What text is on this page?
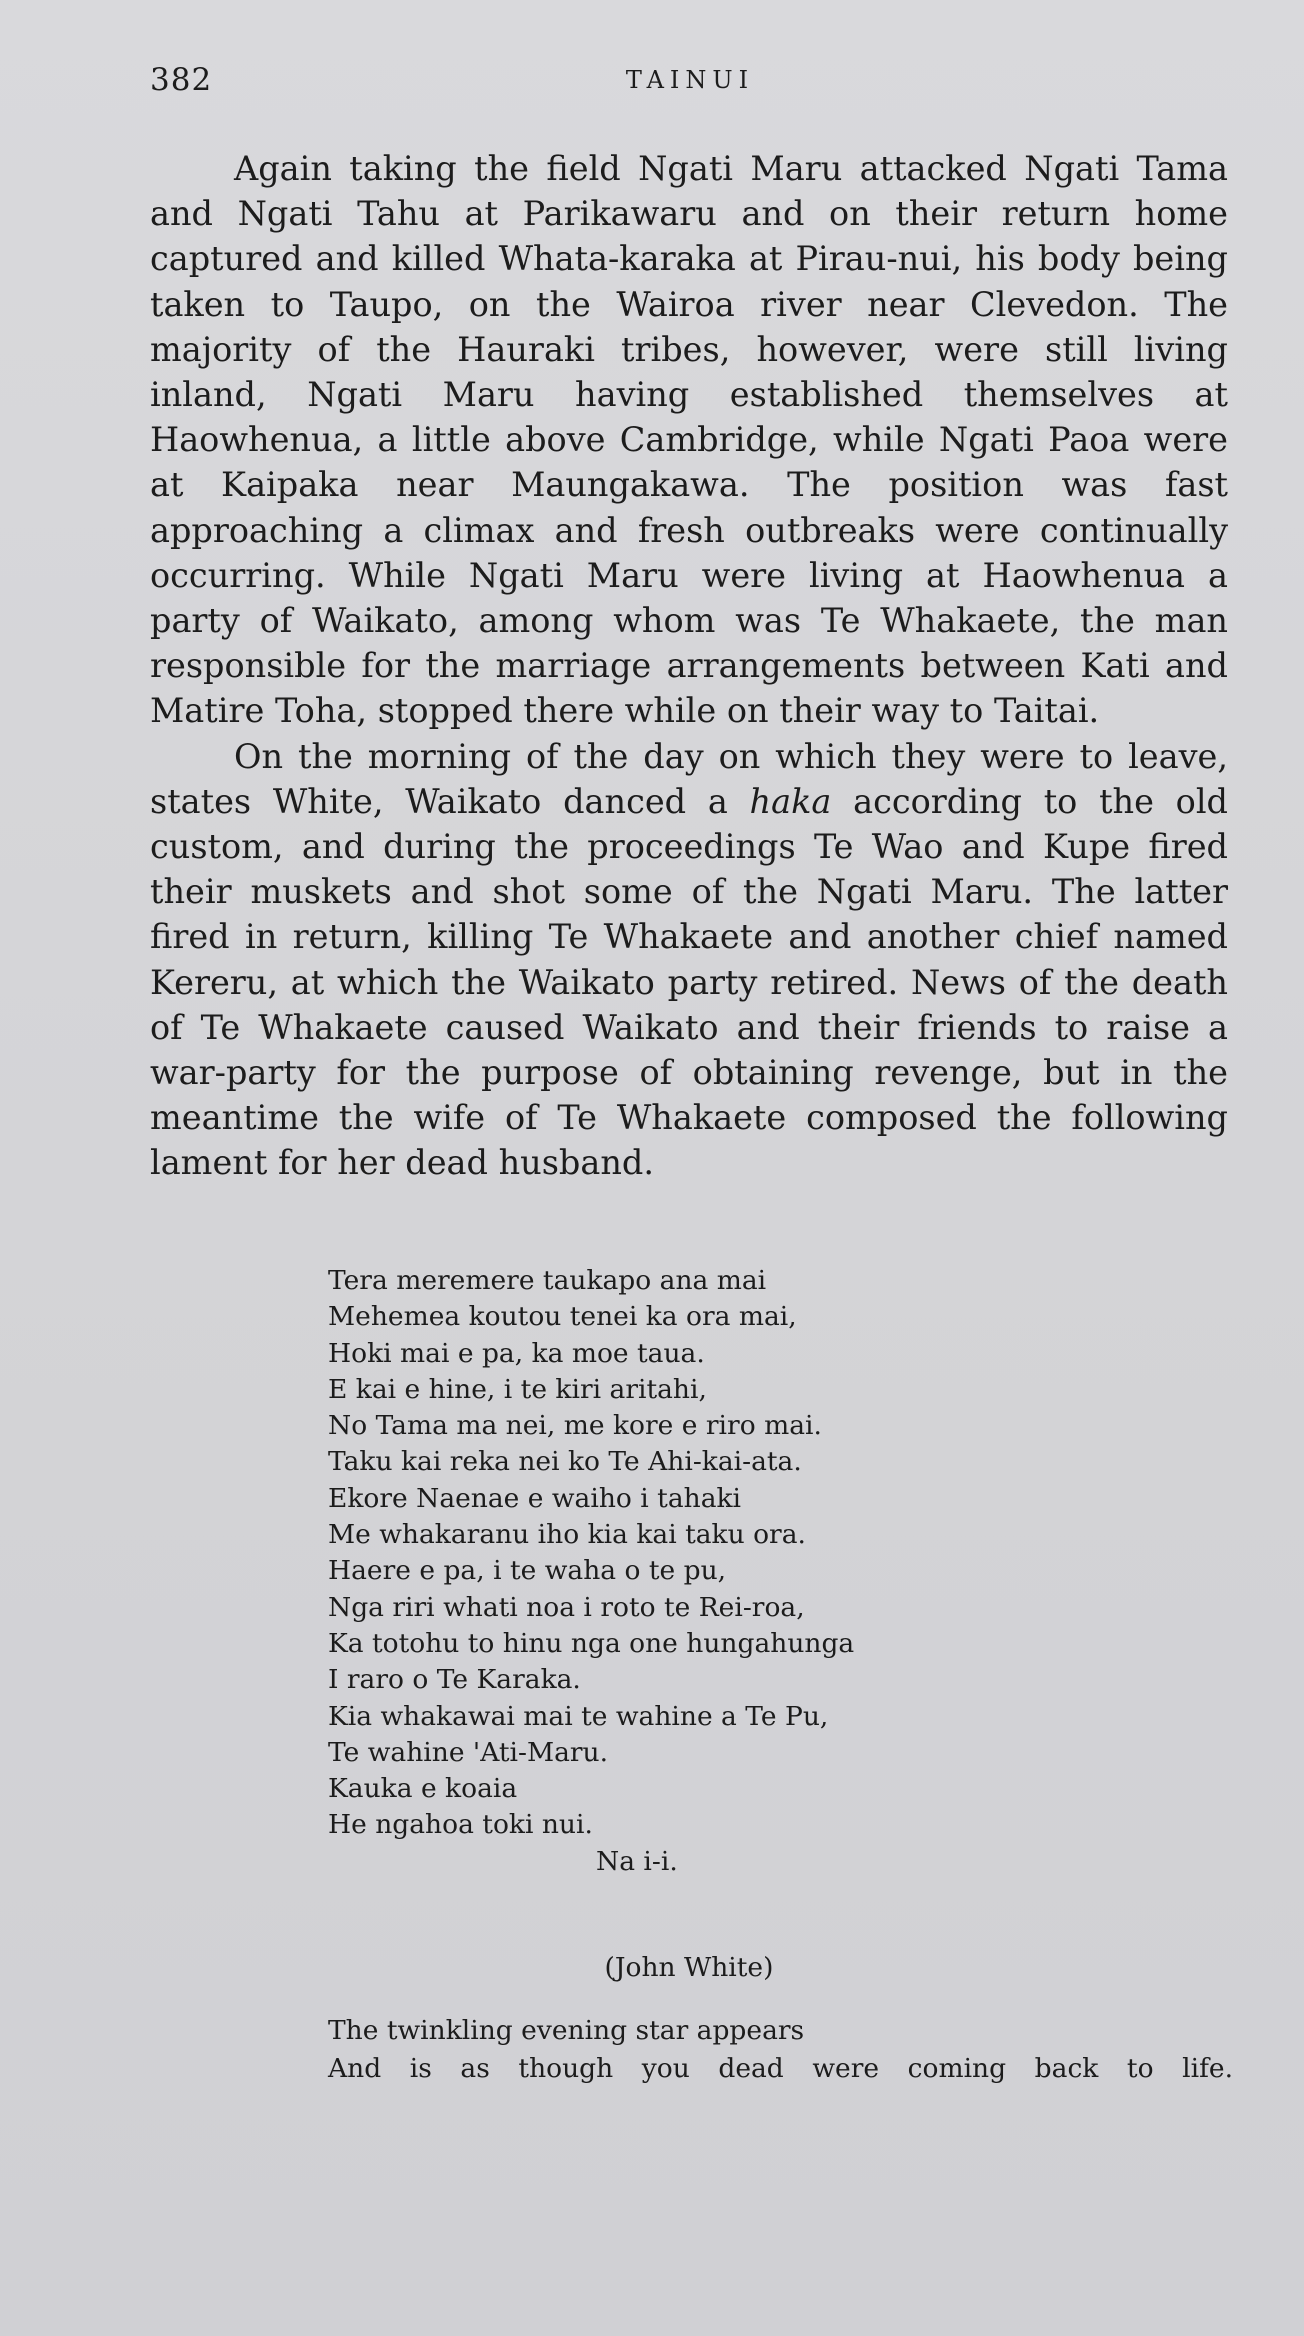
382	TAINUI

Again taking the field Ngati Maru attacked Ngati Tama and Ngati Tahu at Parikawaru and on their return home captured and killed Whata-karaka at Pirau-nui, his body being taken to Taupo, on the Wairoa river near Clevedon. The majority of the Hauraki tribes, however, were still living inland, Ngati Maru having established themselves at Haowhenua, a little above Cambridge, while Ngati Paoa were at Kaipaka near Maungakawa. The position was fast approaching a climax and fresh outbreaks were continually occurring. While Ngati Maru were living at Haowhenua a party of Waikato, among whom was Te Whakaete, the man responsible for the marriage arrangements between Kati and Matire Toha, stopped there while on their way to Taitai.

On the morning of the day on which they were to leave, states White, Waikato danced a haka according to the old custom, and during the proceedings Te Wao and Kupe fired their muskets and shot some of the Ngati Maru. The latter fired in return, killing Te Whakaete and another chief named Kereru, at which the Waikato party retired. News of the death of Te Whakaete caused Waikato and their friends to raise a war-party for the purpose of obtaining revenge, but in the meantime the wife of Te Whakaete composed the following lament for her dead husband.

Tera meremere taukapo ana mai
Mehemea koutou tenei ka ora mai,
Hoki mai e pa, ka moe taua.
E kai e hine, i te kiri aritahi,
No Tama ma nei, me kore e riro mai.
Taku kai reka nei ko Te Ahi-kai-ata.
Ekore Naenae e waiho i tahaki
Me whakaranu iho kia kai taku ora.
Haere e pa, i te waha o te pu,
Nga riri whati noa i roto te Rei-roa,
Ka totohu to hinu nga one hungahunga
I raro o Te Karaka.
Kia whakawai mai te wahine a Te Pu,
Te wahine 'Ati-Maru.
Kauka e koaia
He ngahoa toki nui.
Na i-i.
(John White)
The twinkling evening star appears
And is as though you dead were coming back to life.
